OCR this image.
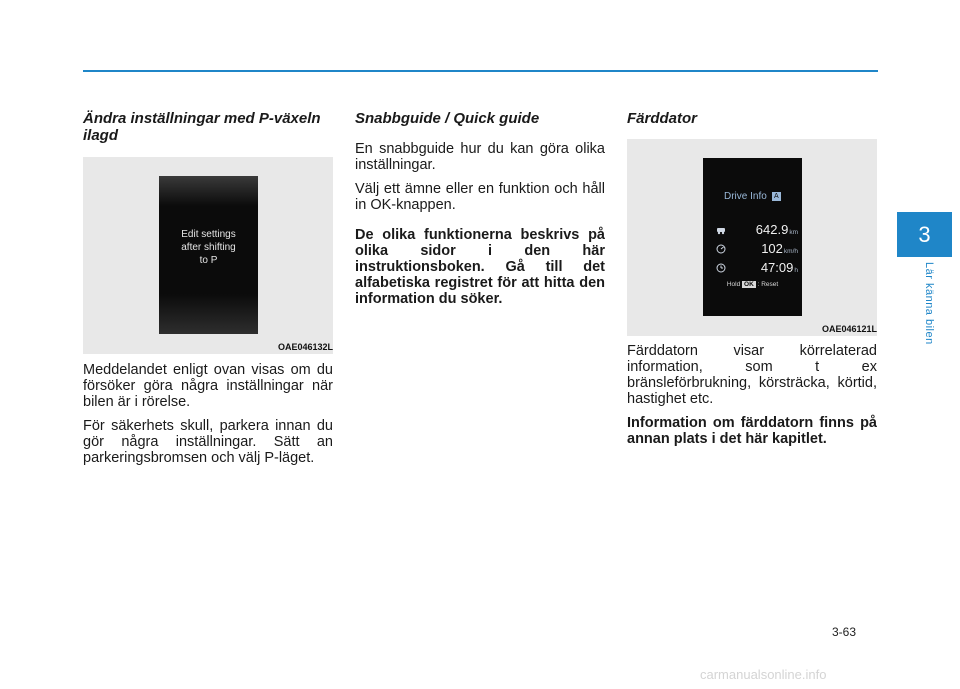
Ändra inställningar med P-växeln ilagd
Edit settings
after shifting
to P
OAE046132L

Meddelandet enligt ovan visas om du försöker göra några inställningar när bilen är i rörelse.

För säkerhets skull, parkera innan du gör några inställningar. Sätt an parkeringsbromsen och välj P-läget.

Snabbguide / Quick guide

En snabbguide hur du kan göra olika inställningar.

Välj ett ämne eller en funktion och håll in OK-knappen.

De olika funktionerna beskrivs på olika sidor i den här instruktionsboken. Gå till det alfabetiska registret för att hitta den information du söker.

Färddator
Drive Info A
642.9km
102km/h
47:09h
Hold OK : Reset
OAE046121L

Färddatorn visar körrelaterad information, som t ex bränsleförbrukning, körsträcka, körtid, hastighet etc.

Information om färddatorn finns på annan plats i det här kapitlet.

3
Lär känna bilen
3-63
carmanualsonline.info
